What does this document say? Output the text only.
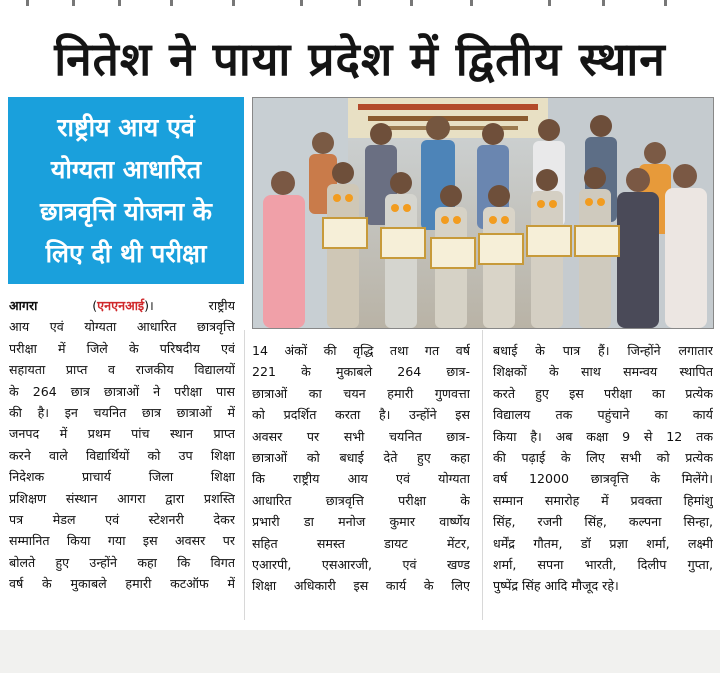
नितेश ने पाया प्रदेश में द्वितीय स्थान
राष्ट्रीय आय एवं
योग्यता आधारित
छात्रवृत्ति योजना के
लिए दी थी परीक्षा
आगरा (एनएनआई)। राष्ट्रीय
आय एवं योग्यता आधारित छात्रवृत्ति
परीक्षा में जिले के परिषदीय एवं
सहायता प्राप्त व राजकीय विद्यालयों
के 264 छात्र छात्राओं ने परीक्षा पास
की है। इन चयनित छात्र छात्राओं में
जनपद में प्रथम पांच स्थान प्राप्त
करने वाले विद्यार्थियों को उप शिक्षा
निदेशक प्राचार्य जिला शिक्षा
प्रशिक्षण संस्थान आगरा द्वारा प्रशस्ति
पत्र मेडल एवं स्टेशनरी देकर
सम्मानित किया गया इस अवसर पर
बोलते हुए उन्होंने कहा कि विगत
वर्ष के मुकाबले हमारी कटऑफ में
14 अंकों की वृद्धि तथा गत वर्ष
221 के मुकाबले 264 छात्र-
छात्राओं का चयन हमारी गुणवत्ता
को प्रदर्शित करता है। उन्होंने इस
अवसर पर सभी चयनित छात्र-
छात्राओं को बधाई देते हुए कहा
कि राष्ट्रीय आय एवं योग्यता
आधारित छात्रवृत्ति परीक्षा के
प्रभारी डा मनोज कुमार वार्ष्णेय
सहित समस्त डायट मेंटर,
एआरपी, एसआरजी, एवं खण्ड
शिक्षा अधिकारी इस कार्य के लिए
बधाई के पात्र हैं। जिन्होंने लगातार
शिक्षकों के साथ समन्वय स्थापित
करते हुए इस परीक्षा का प्रत्येक
विद्यालय तक पहुंचाने का कार्य
किया है। अब कक्षा 9 से 12 तक
की पढ़ाई के लिए सभी को प्रत्येक
वर्ष 12000 छात्रवृत्ति के मिलेंगे।
सम्मान समारोह में प्रवक्ता हिमांशु
सिंह, रजनी सिंह, कल्पना सिन्हा,
धर्मेंद्र गौतम, डॉ प्रज्ञा शर्मा, लक्ष्मी
शर्मा, सपना भारती, दिलीप गुप्ता,
पुष्पेंद्र सिंह आदि मौजूद रहे।
